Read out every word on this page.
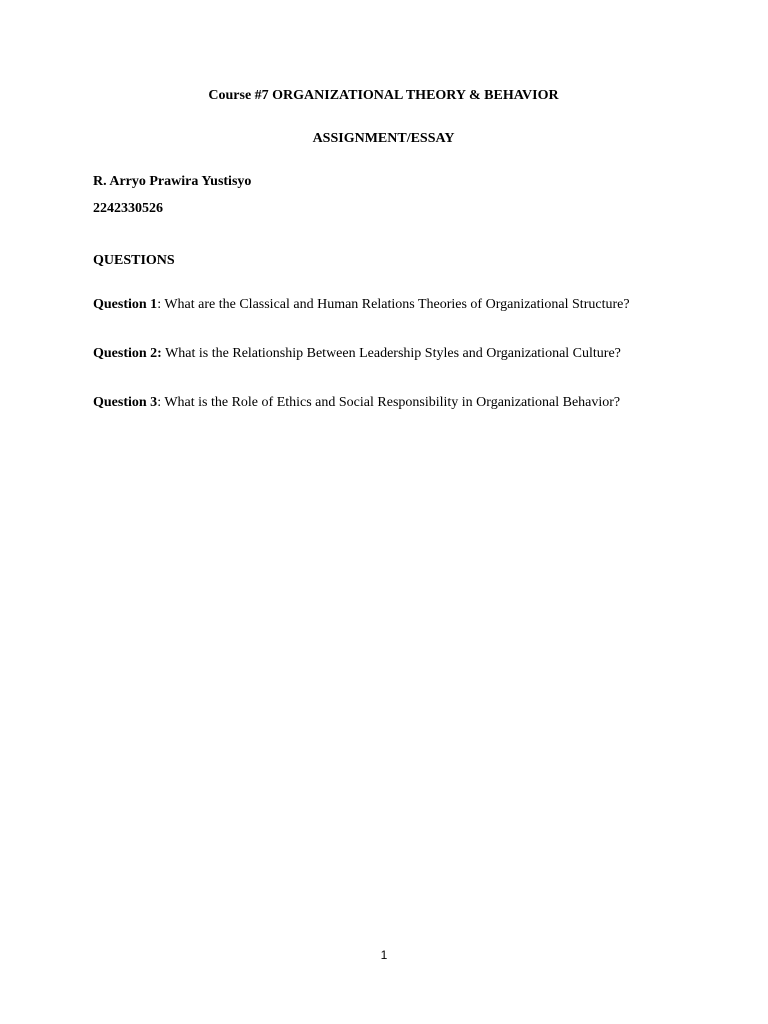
Course #7 ORGANIZATIONAL THEORY & BEHAVIOR

ASSIGNMENT/ESSAY

R. Arryo Prawira Yustisyo

2242330526

QUESTIONS

Question 1: What are the Classical and Human Relations Theories of Organizational Structure?

Question 2: What is the Relationship Between Leadership Styles and Organizational Culture?

Question 3: What is the Role of Ethics and Social Responsibility in Organizational Behavior?

1
